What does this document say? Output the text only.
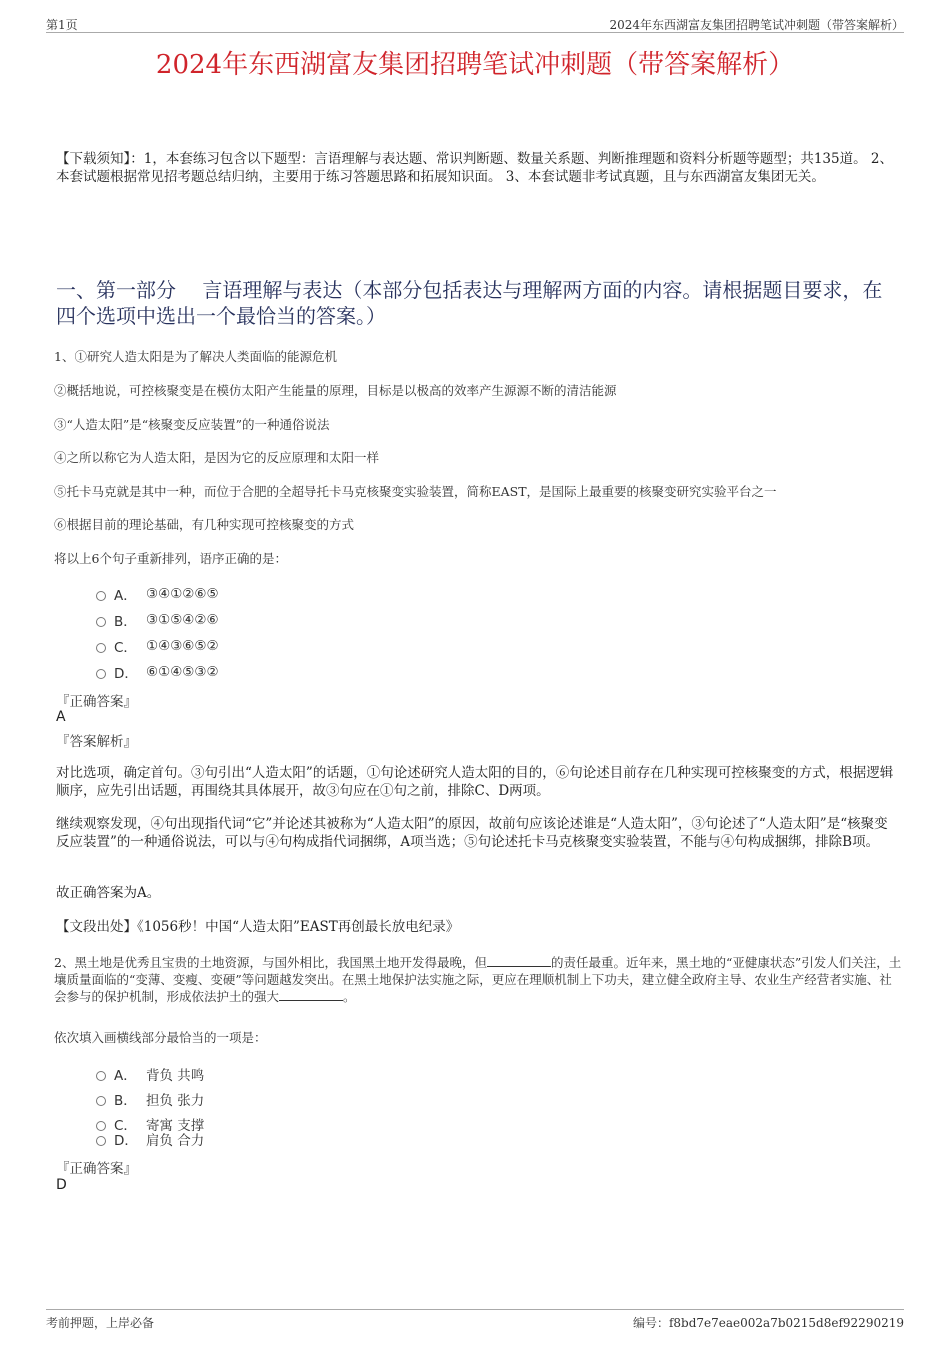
第1页	2024年东西湖富友集团招聘笔试冲刺题（带答案解析）
2024年东西湖富友集团招聘笔试冲刺题（带答案解析）
【下载须知】：1，本套练习包含以下题型：言语理解与表达题、常识判断题、数量关系题、判断推理题和资料分析题等题型；共135道。 2、本套试题根据常见招考题总结归纳，主要用于练习答题思路和拓展知识面。 3、本套试题非考试真题，且与东西湖富友集团无关。
一、第一部分　 言语理解与表达（本部分包括表达与理解两方面的内容。请根据题目要求，在四个选项中选出一个最恰当的答案。）
1、①研究人造太阳是为了解决人类面临的能源危机
②概括地说，可控核聚变是在模仿太阳产生能量的原理，目标是以极高的效率产生源源不断的清洁能源
③“人造太阳”是“核聚变反应装置”的一种通俗说法
④之所以称它为人造太阳，是因为它的反应原理和太阳一样
⑤托卡马克就是其中一种，而位于合肥的全超导托卡马克核聚变实验装置，简称EAST，是国际上最重要的核聚变研究实验平台之一
⑥根据目前的理论基础，有几种实现可控核聚变的方式
将以上6个句子重新排列，语序正确的是：
A． ③④①②⑥⑤
B． ③①⑤④②⑥
C． ①④③⑥⑤②
D． ⑥①④⑤③②
『正确答案』
A
『答案解析』
对比选项，确定首句。③句引出“人造太阳”的话题，①句论述研究人造太阳的目的，⑥句论述目前存在几种实现可控核聚变的方式，根据逻辑顺序，应先引出话题，再围绕其具体展开，故③句应在①句之前，排除C、D两项。
继续观察发现，④句出现指代词“它”并论述其被称为“人造太阳”的原因，故前句应该论述谁是“人造太阳”，③句论述了“人造太阳”是“核聚变反应装置”的一种通俗说法，可以与④句构成指代词捆绑，A项当选；⑤句论述托卡马克核聚变实验装置，不能与④句构成捆绑，排除B项。
故正确答案为A。
【文段出处】《1056秒！中国“人造太阳”EAST再创最长放电纪录》
2、黑土地是优秀且宝贵的土地资源，与国外相比，我国黑土地开发得最晚，但	的责任最重。近年来，黑土地的“亚健康状态”引发人们关注，土壤质量面临的“变薄、变瘦、变硬”等问题越发突出。在黑土地保护法实施之际，更应在理顺机制上下功夫，建立健全政府主导、农业生产经营者实施、社会参与的保护机制，形成依法护土的强大	。
依次填入画横线部分最恰当的一项是：
A． 背负 共鸣
B． 担负 张力
C． 寄寓 支撑
D． 肩负 合力
『正确答案』
D
考前押题，上岸必备	编号：f8bd7e7eae002a7b0215d8ef92290219
